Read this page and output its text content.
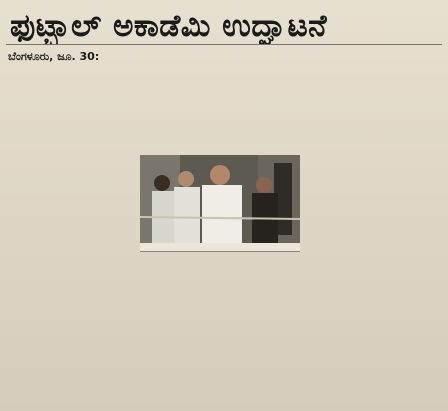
ಫುಟ್ಬಾಲ್ ಅಕಾಡೆಮಿ ಉದ್ಘಾಟನೆ

ಬೆಂಗಳೂರು, ಜೂ. 30:
